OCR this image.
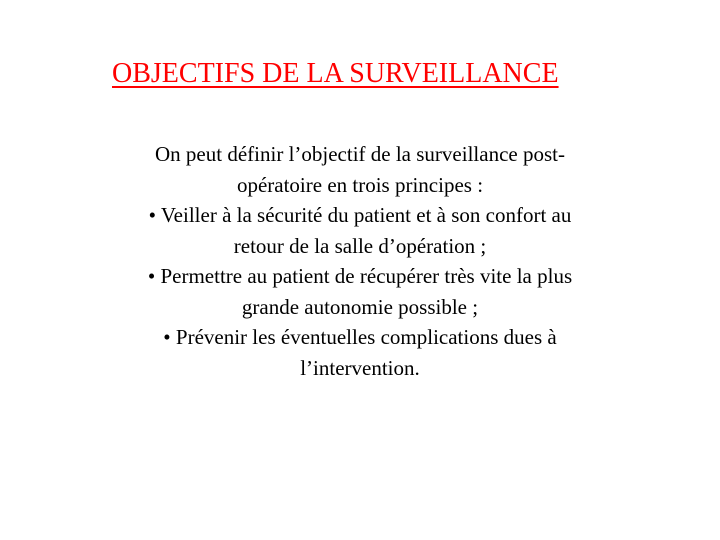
OBJECTIFS DE LA SURVEILLANCE
On peut définir l’objectif de la surveillance post-
opératoire en trois principes :
• Veiller à la sécurité du patient et à son confort au
retour de la salle d’opération ;
• Permettre au patient de récupérer très vite la plus
grande autonomie possible ;
• Prévenir les éventuelles complications dues à
l’intervention.
